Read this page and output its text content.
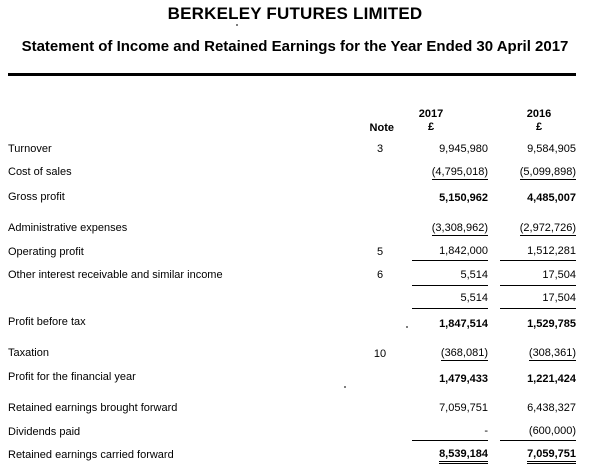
BERKELEY FUTURES LIMITED
Statement of Income and Retained Earnings for the Year Ended 30 April 2017
Note
2017
£
2016
£
Turnover	3	9,945,980	9,584,905
Cost of sales	(4,795,018)	(5,099,898)
Gross profit	5,150,962	4,485,007
Administrative expenses	(3,308,962)	(2,972,726)
Operating profit	5	1,842,000	1,512,281
Other interest receivable and similar income	6	5,514	17,504
5,514	17,504
Profit before tax	1,847,514	1,529,785
Taxation	10	(368,081)	(308,361)
Profit for the financial year	1,479,433	1,221,424
Retained earnings brought forward	7,059,751	6,438,327
Dividends paid	-	(600,000)
Retained earnings carried forward	8,539,184	7,059,751
